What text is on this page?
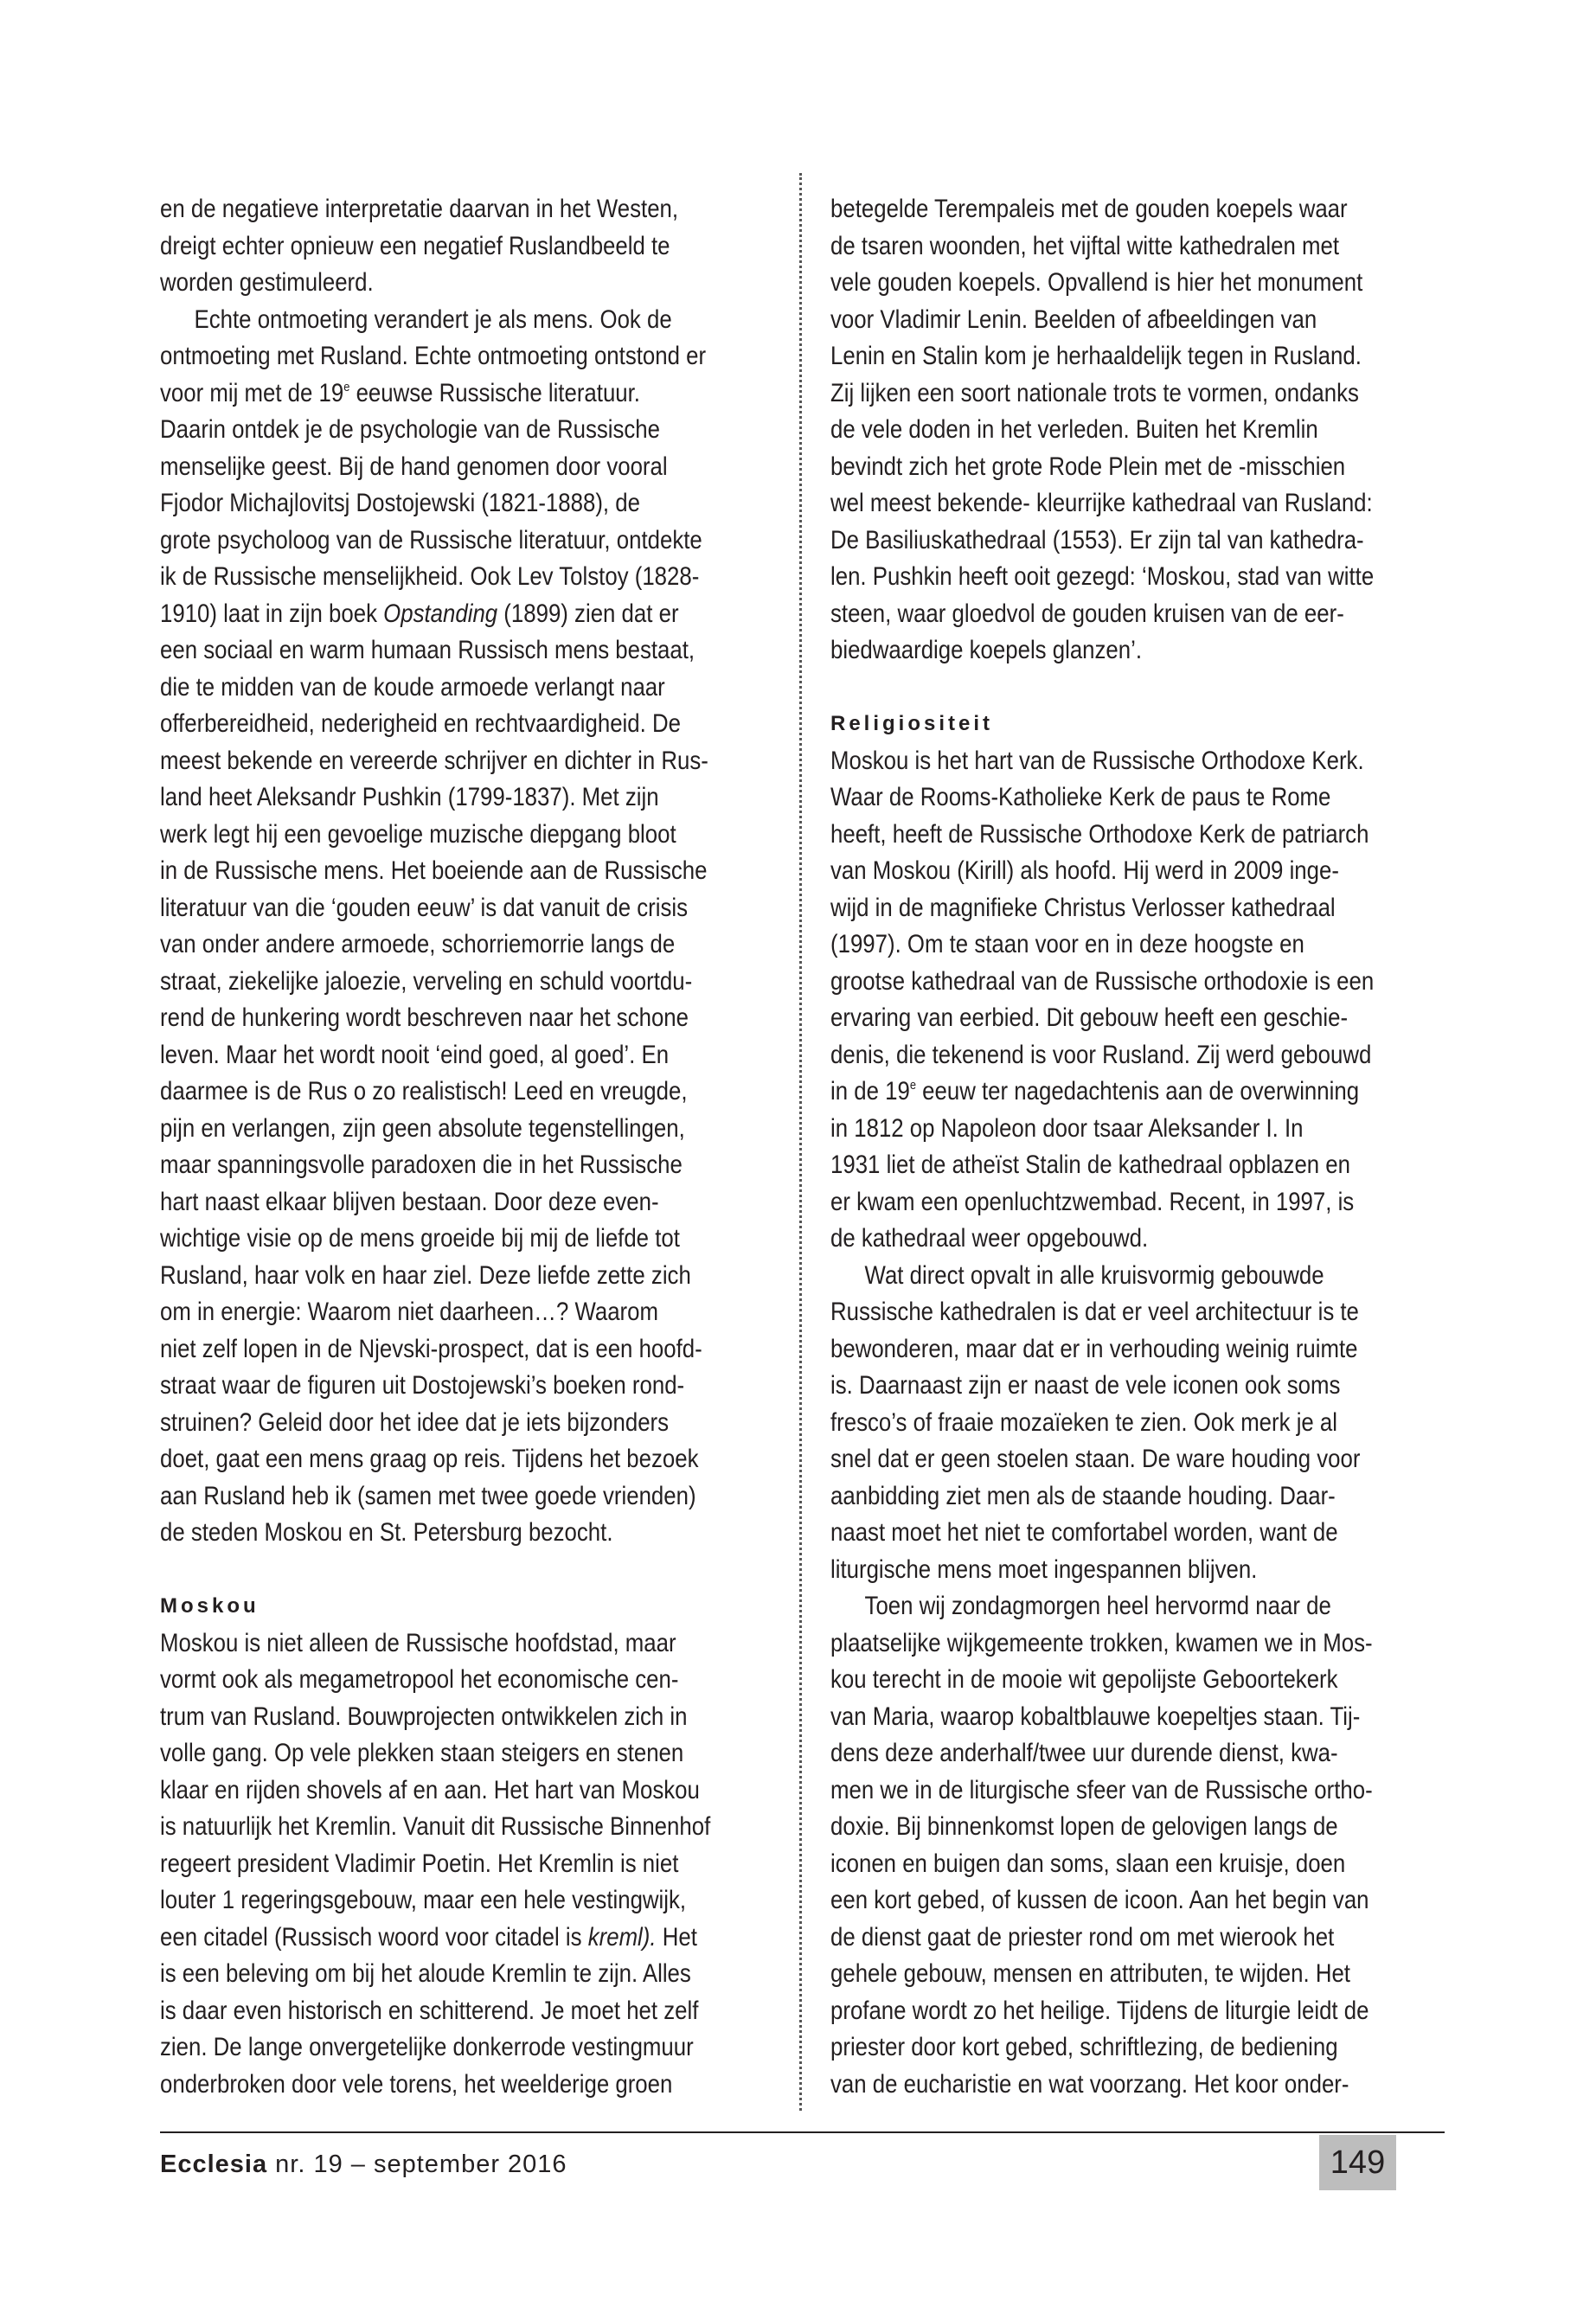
en de negatieve interpretatie daarvan in het Westen,
dreigt echter opnieuw een negatief Ruslandbeeld te
worden gestimuleerd.
Echte ontmoeting verandert je als mens. Ook de
ontmoeting met Rusland. Echte ontmoeting ontstond er
voor mij met de 19e eeuwse Russische literatuur.
Daarin ontdek je de psychologie van de Russische
menselijke geest. Bij de hand genomen door vooral
Fjodor Michajlovitsj Dostojewski (1821-1888), de
grote psycholoog van de Russische literatuur, ontdekte
ik de Russische menselijkheid. Ook Lev Tolstoy (1828-
1910) laat in zijn boek Opstanding (1899) zien dat er
een sociaal en warm humaan Russisch mens bestaat,
die te midden van de koude armoede verlangt naar
offerbereidheid, nederigheid en rechtvaardigheid. De
meest bekende en vereerde schrijver en dichter in Rus-
land heet Aleksandr Pushkin (1799-1837). Met zijn
werk legt hij een gevoelige muzische diepgang bloot
in de Russische mens. Het boeiende aan de Russische
literatuur van die ‘gouden eeuw’ is dat vanuit de crisis
van onder andere armoede, schorriemorrie langs de
straat, ziekelijke jaloezie, verveling en schuld voortdu-
rend de hunkering wordt beschreven naar het schone
leven. Maar het wordt nooit ‘eind goed, al goed’. En
daarmee is de Rus o zo realistisch! Leed en vreugde,
pijn en verlangen, zijn geen absolute tegenstellingen,
maar spanningsvolle paradoxen die in het Russische
hart naast elkaar blijven bestaan. Door deze even-
wichtige visie op de mens groeide bij mij de liefde tot
Rusland, haar volk en haar ziel. Deze liefde zette zich
om in energie: Waarom niet daarheen…? Waarom
niet zelf lopen in de Njevski-prospect, dat is een hoofd-
straat waar de figuren uit Dostojewski’s boeken rond-
struinen? Geleid door het idee dat je iets bijzonders
doet, gaat een mens graag op reis. Tijdens het bezoek
aan Rusland heb ik (samen met twee goede vrienden)
de steden Moskou en St. Petersburg bezocht.

Moskou
Moskou is niet alleen de Russische hoofdstad, maar
vormt ook als megametropool het economische cen-
trum van Rusland. Bouwprojecten ontwikkelen zich in
volle gang. Op vele plekken staan steigers en stenen
klaar en rijden shovels af en aan. Het hart van Moskou
is natuurlijk het Kremlin. Vanuit dit Russische Binnenhof
regeert president Vladimir Poetin. Het Kremlin is niet
louter 1 regeringsgebouw, maar een hele vestingwijk,
een citadel (Russisch woord voor citadel is kreml). Het
is een beleving om bij het aloude Kremlin te zijn. Alles
is daar even historisch en schitterend. Je moet het zelf
zien. De lange onvergetelijke donkerrode vestingmuur
onderbroken door vele torens, het weelderige groen
betegelde Terempaleis met de gouden koepels waar
de tsaren woonden, het vijftal witte kathedralen met
vele gouden koepels. Opvallend is hier het monument
voor Vladimir Lenin. Beelden of afbeeldingen van
Lenin en Stalin kom je herhaaldelijk tegen in Rusland.
Zij lijken een soort nationale trots te vormen, ondanks
de vele doden in het verleden. Buiten het Kremlin
bevindt zich het grote Rode Plein met de -misschien
wel meest bekende- kleurrijke kathedraal van Rusland:
De Basiliuskathedraal (1553). Er zijn tal van kathedra-
len. Pushkin heeft ooit gezegd: ‘Moskou, stad van witte
steen, waar gloedvol de gouden kruisen van de eer-
biedwaardige koepels glanzen’.

Religiositeit
Moskou is het hart van de Russische Orthodoxe Kerk.
Waar de Rooms-Katholieke Kerk de paus te Rome
heeft, heeft de Russische Orthodoxe Kerk de patriarch
van Moskou (Kirill) als hoofd. Hij werd in 2009 inge-
wijd in de magnifieke Christus Verlosser kathedraal
(1997). Om te staan voor en in deze hoogste en
grootse kathedraal van de Russische orthodoxie is een
ervaring van eerbied. Dit gebouw heeft een geschie-
denis, die tekenend is voor Rusland. Zij werd gebouwd
in de 19e eeuw ter nagedachtenis aan de overwinning
in 1812 op Napoleon door tsaar Aleksander I. In
1931 liet de atheïst Stalin de kathedraal opblazen en
er kwam een openluchtzwembad. Recent, in 1997, is
de kathedraal weer opgebouwd.
Wat direct opvalt in alle kruisvormig gebouwde
Russische kathedralen is dat er veel architectuur is te
bewonderen, maar dat er in verhouding weinig ruimte
is. Daarnaast zijn er naast de vele iconen ook soms
fresco’s of fraaie mozaïeken te zien. Ook merk je al
snel dat er geen stoelen staan. De ware houding voor
aanbidding ziet men als de staande houding. Daar-
naast moet het niet te comfortabel worden, want de
liturgische mens moet ingespannen blijven.
Toen wij zondagmorgen heel hervormd naar de
plaatselijke wijkgemeente trokken, kwamen we in Mos-
kou terecht in de mooie wit gepolijste Geboortekerk
van Maria, waarop kobaltblauwe koepeltjes staan. Tij-
dens deze anderhalf/twee uur durende dienst, kwa-
men we in de liturgische sfeer van de Russische ortho-
doxie. Bij binnenkomst lopen de gelovigen langs de
iconen en buigen dan soms, slaan een kruisje, doen
een kort gebed, of kussen de icoon. Aan het begin van
de dienst gaat de priester rond om met wierook het
gehele gebouw, mensen en attributen, te wijden. Het
profane wordt zo het heilige. Tijdens de liturgie leidt de
priester door kort gebed, schriftlezing, de bediening
van de eucharistie en wat voorzang. Het koor onder-
Ecclesia nr. 19 – september 2016	149
